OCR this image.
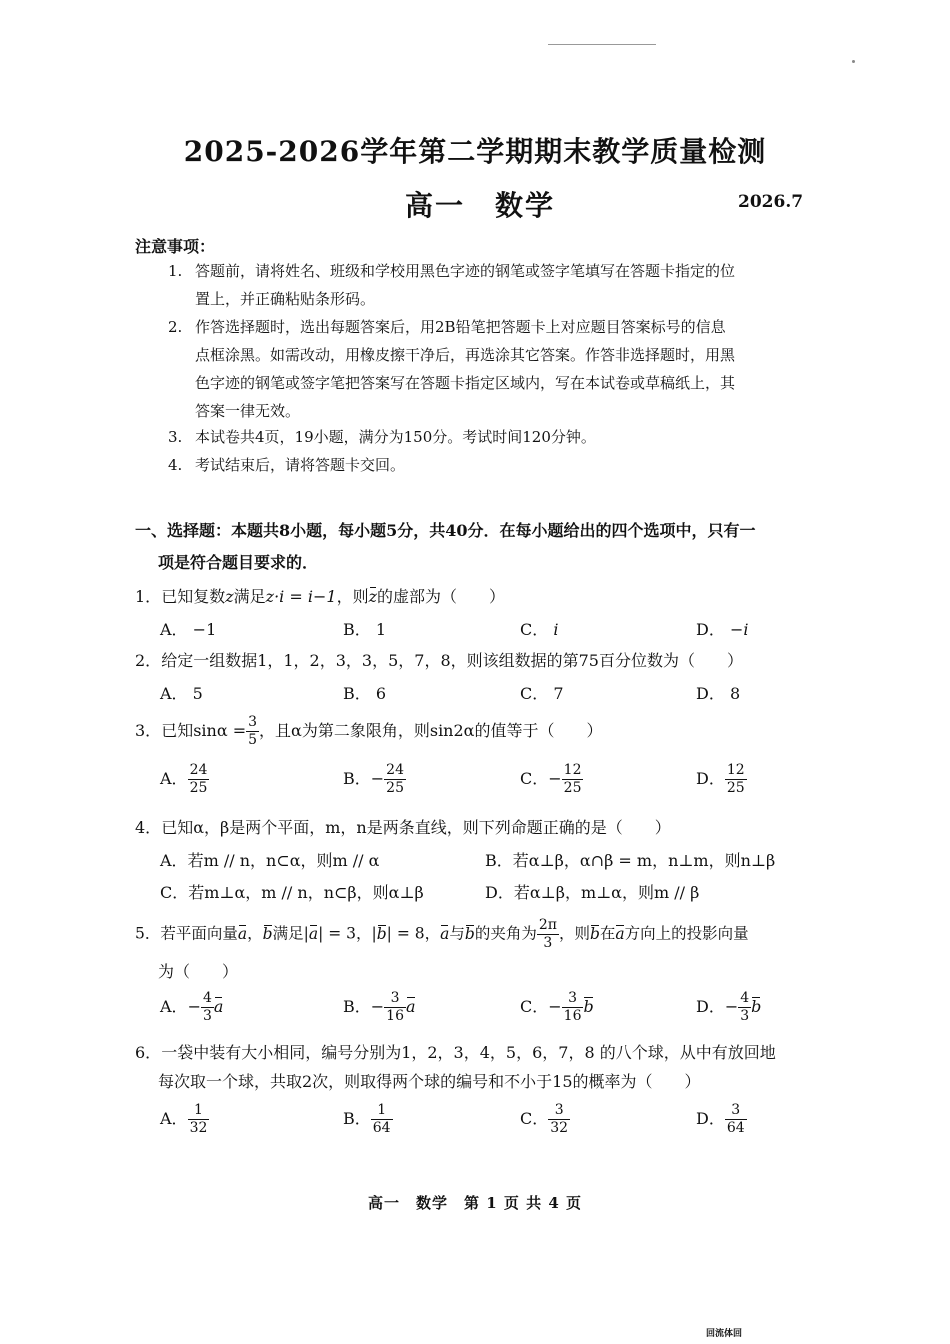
2025-2026学年第二学期期末教学质量检测
高一 数学	2026.7
注意事项：
1. 答题前，请将姓名、班级和学校用黑色字迹的钢笔或签字笔填写在答题卡指定的位
置上，并正确粘贴条形码。
2. 作答选择题时，选出每题答案后，用2B铅笔把答题卡上对应题目答案标号的信息
点框涂黑。如需改动，用橡皮擦干净后，再选涂其它答案。作答非选择题时，用黑
色字迹的钢笔或签字笔把答案写在答题卡指定区域内，写在本试卷或草稿纸上，其
答案一律无效。
3. 本试卷共4页，19小题，满分为150分。考试时间120分钟。
4. 考试结束后，请将答题卡交回。
一、选择题：本题共8小题，每小题5分，共40分．在每小题给出的四个选项中，只有一
项是符合题目要求的．
1．已知复数z满足z·i = i−1，则z的虚部为（　　）
A． −1	B． 1	C． i	D． −i
2．给定一组数据1，1，2，3，3，5，7，8，则该组数据的第75百分位数为（　　）
A． 5	B． 6	C． 7	D． 8
3．已知$\sin\alpha = \frac{3}{5}$ ，且α为第二象限角，则sin2α的值等于（　　）
A． $\frac{24}{25}$	B．− $\frac{24}{25}$	C．− $\frac{12}{25}$	D． $\frac{12}{25}$
4．已知α，β是两个平面，m，n是两条直线，则下列命题正确的是（　　）
A．若m // n，n⊂α，则m // α	B．若α⊥β，α∩β = m，n⊥m，则n⊥β
C．若m⊥α，m // n，n⊂β，则α⊥β	D．若α⊥β，m⊥α，则m // β
5．若平面向量a，b满足|a| = 3，|b| = 8，a与b的夹角为 $\frac{2\pi}{3}$ ，则b在a方向上的投影向量
为（　　）
A．− $\frac{4}{3}$ a	B．− $\frac{3}{16}$ a	C．− $\frac{3}{16}$ b	D．− $\frac{4}{3}$ b
6．一袋中装有大小相同，编号分别为1，2，3，4，5，6，7，8 的八个球，从中有放回地
每次取一个球，共取2次，则取得两个球的编号和不小于15的概率为（　　）
A． $\frac{1}{32}$	B． $\frac{1}{64}$	C． $\frac{3}{32}$	D． $\frac{3}{64}$
高一　数学　第 1 页 共 4 页
回流体回
